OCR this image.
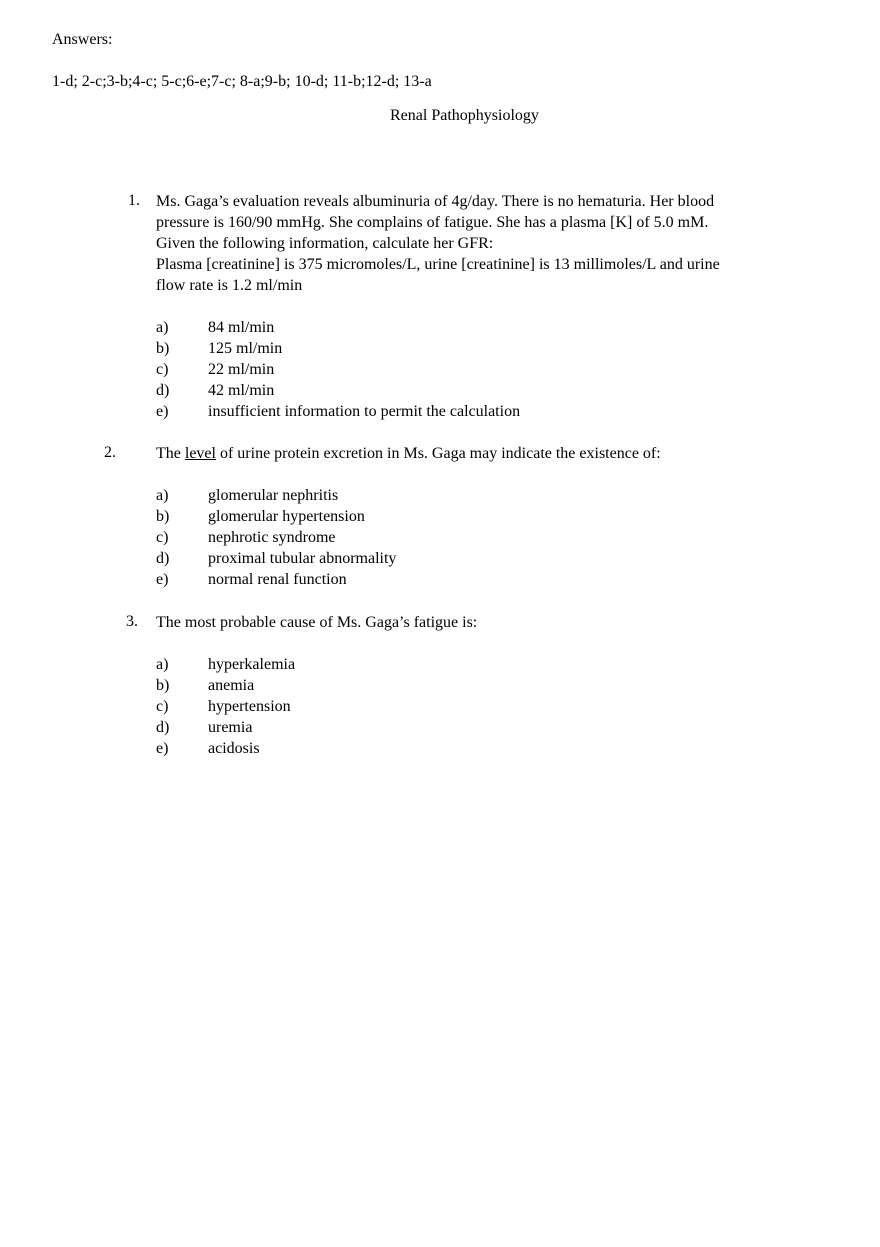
Answers:
1-d; 2-c;3-b;4-c; 5-c;6-e;7-c; 8-a;9-b; 10-d; 11-b;12-d; 13-a
Renal Pathophysiology
1. Ms. Gaga’s evaluation reveals albuminuria of 4g/day. There is no hematuria. Her blood
pressure is 160/90 mmHg. She complains of fatigue. She has a plasma [K] of 5.0 mM.
Given the following information, calculate her GFR:
Plasma [creatinine] is 375 micromoles/L, urine [creatinine] is 13 millimoles/L and urine
flow rate is 1.2 ml/min
a) 84 ml/min
b) 125 ml/min
c) 22 ml/min
d) 42 ml/min
e) insufficient information to permit the calculation
2.	The level of urine protein excretion in Ms. Gaga may indicate the existence of:
a) glomerular nephritis
b) glomerular hypertension
c) nephrotic syndrome
d) proximal tubular abnormality
e) normal renal function
3. The most probable cause of Ms. Gaga’s fatigue is:
a) hyperkalemia
b) anemia
c) hypertension
d) uremia
e) acidosis
